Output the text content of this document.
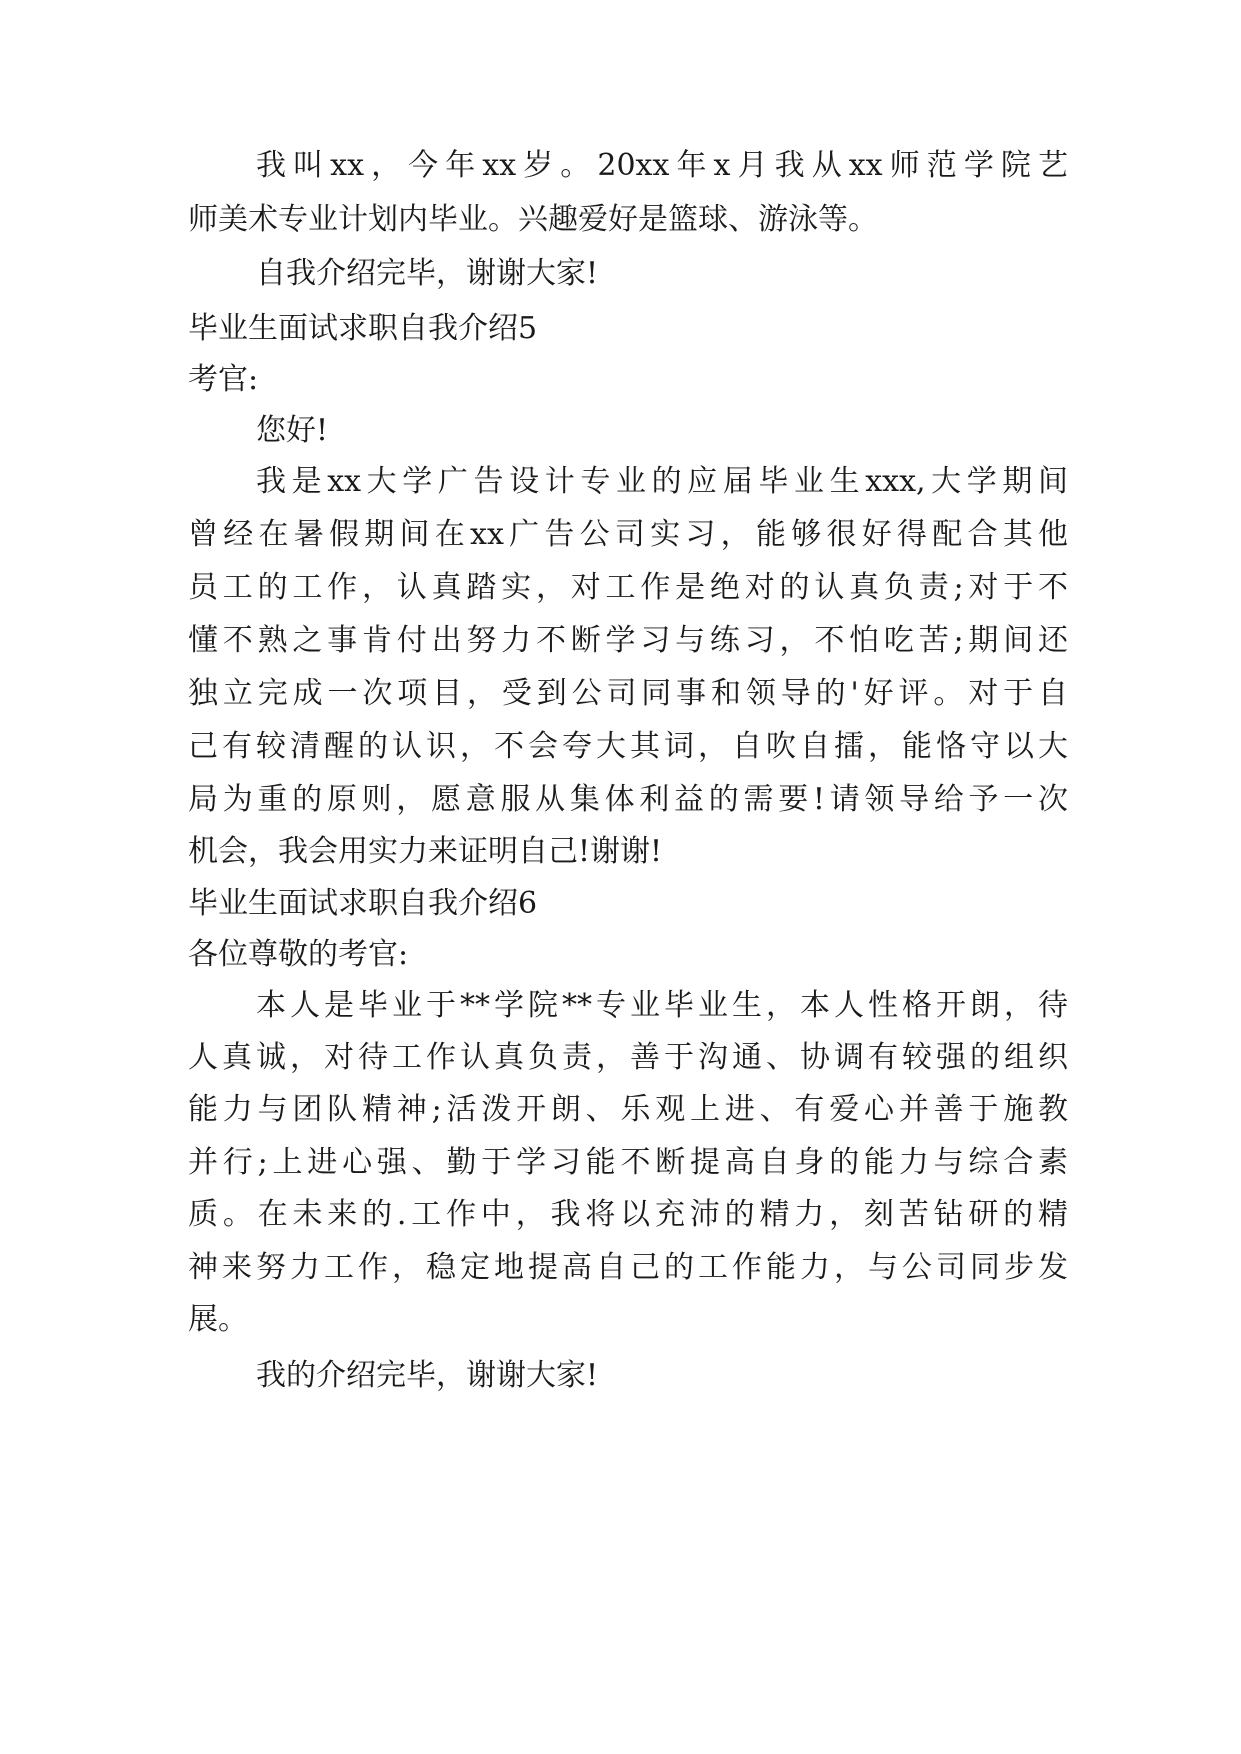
我叫xx，今年xx岁。20xx年x月我从xx师范学院艺

师美术专业计划内毕业。兴趣爱好是篮球、游泳等。

自我介绍完毕，谢谢大家!

毕业生面试求职自我介绍5

考官:

您好!

我是xx大学广告设计专业的应届毕业生xxx,大学期间

曾经在暑假期间在xx广告公司实习，能够很好得配合其他

员工的工作，认真踏实，对工作是绝对的认真负责;对于不

懂不熟之事肯付出努力不断学习与练习，不怕吃苦;期间还

独立完成一次项目，受到公司同事和领导的'好评。对于自

己有较清醒的认识，不会夸大其词，自吹自擂，能恪守以大

局为重的原则，愿意服从集体利益的需要!请领导给予一次

机会，我会用实力来证明自己!谢谢!

毕业生面试求职自我介绍6

各位尊敬的考官:

本人是毕业于**学院**专业毕业生，本人性格开朗，待

人真诚，对待工作认真负责，善于沟通、协调有较强的组织

能力与团队精神;活泼开朗、乐观上进、有爱心并善于施教

并行;上进心强、勤于学习能不断提高自身的能力与综合素

质。在未来的.工作中，我将以充沛的精力，刻苦钻研的精

神来努力工作，稳定地提高自己的工作能力，与公司同步发

展。

我的介绍完毕，谢谢大家!
